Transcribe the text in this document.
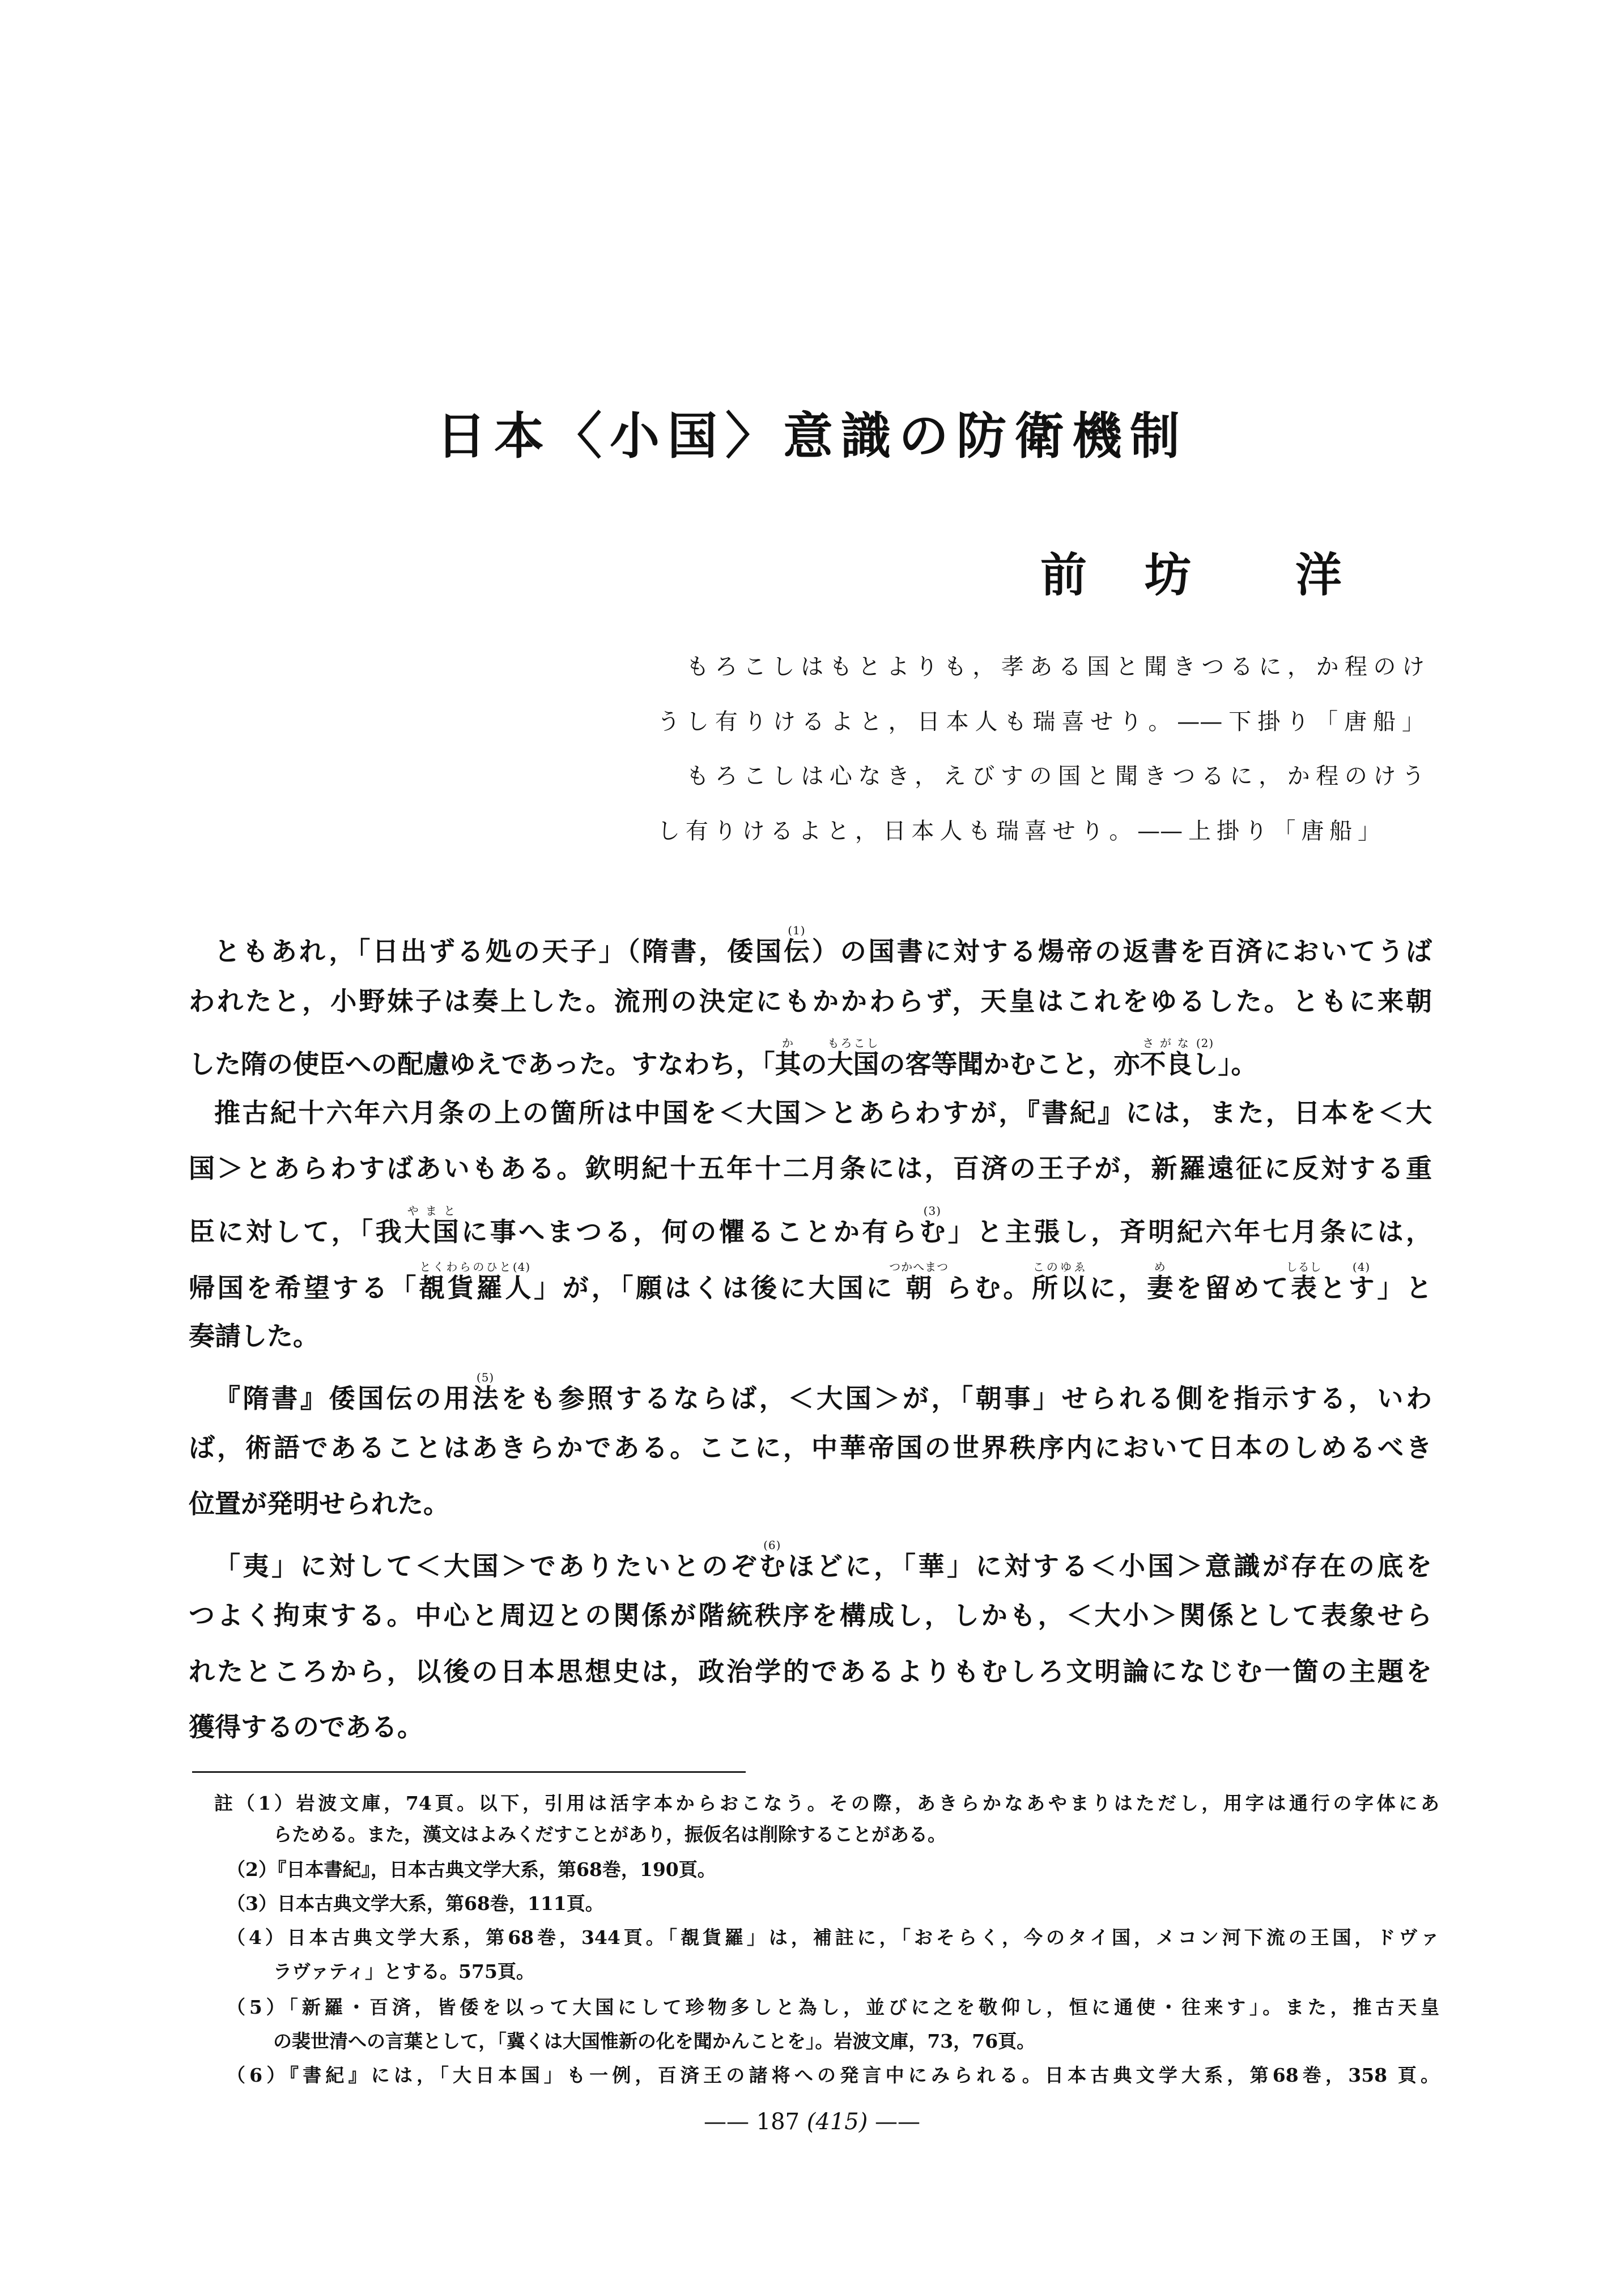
日本〈小国〉意識の防衛機制
前 坊 洋
もろこしはもとよりも，孝ある国と聞きつるに，か程のけ
うし有りけるよと，日本人も瑞喜せり。——下掛り「唐船」
もろこしは心なき，えびすの国と聞きつるに，か程のけう
し有りけるよと，日本人も瑞喜せり。——上掛り「唐船」
ともあれ，「日出ずる処の天子」（隋書，倭国伝(1)）の国書に対する煬帝の返書を百済においてうば
われたと，小野妹子は奏上した。流刑の決定にもかかわらず，天皇はこれをゆるした。ともに来朝
した隋の使臣への配慮ゆえであった。すなわち，「其かの大国もろこしの客等聞かむこと，亦不良さがなし(2)」。
推古紀十六年六月条の上の箇所は中国を＜大国＞とあらわすが，『書紀』には，また，日本を＜大
国＞とあらわすばあいもある。欽明紀十五年十二月条には，百済の王子が，新羅遠征に反対する重
臣に対して，「我大国やまとに事へまつる，何の懼ることか有らむ(3)」と主張し，斉明紀六年七月条には，
帰国を希望する「覩貨羅人とくわらのひと(4)」が，「願はくは後に大国に朝つかへまつらむ。所以このゆゑに，妻めを留めて表しるしとす(4)」と
奏請した。
『隋書』倭国伝の用法(5)をも参照するならば，＜大国＞が，「朝事」せられる側を指示する，いわ
ば，術語であることはあきらかである。ここに，中華帝国の世界秩序内において日本のしめるべき
位置が発明せられた。
「夷」に対して＜大国＞でありたいとのぞむ(6)ほどに，「華」に対する＜小国＞意識が存在の底を
つよく拘束する。中心と周辺との関係が階統秩序を構成し，しかも，＜大小＞関係として表象せら
れたところから，以後の日本思想史は，政治学的であるよりもむしろ文明論になじむ一箇の主題を
獲得するのである。
註（1）岩波文庫，74頁。以下，引用は活字本からおこなう。その際，あきらかなあやまりはただし，用字は通行の字体にあ
らためる。また，漢文はよみくだすことがあり，振仮名は削除することがある。
（2）『日本書紀』，日本古典文学大系，第68巻，190頁。
（3）日本古典文学大系，第68巻，111頁。
（4）日本古典文学大系，第68巻，344頁。「覩貨羅」は，補註に，「おそらく，今のタイ国，メコン河下流の王国，ドヴァ
ラヴァティ」とする。575頁。
（5）「新羅・百済，皆倭を以って大国にして珍物多しと為し，並びに之を敬仰し，恒に通使・往来す」。また，推古天皇
の裴世清への言葉として，「冀くは大国惟新の化を聞かんことを」。岩波文庫，73，76頁。
（6）『書紀』には，「大日本国」も一例，百済王の諸将への発言中にみられる。日本古典文学大系，第68巻，358 頁。
—— 187 (415) ——
